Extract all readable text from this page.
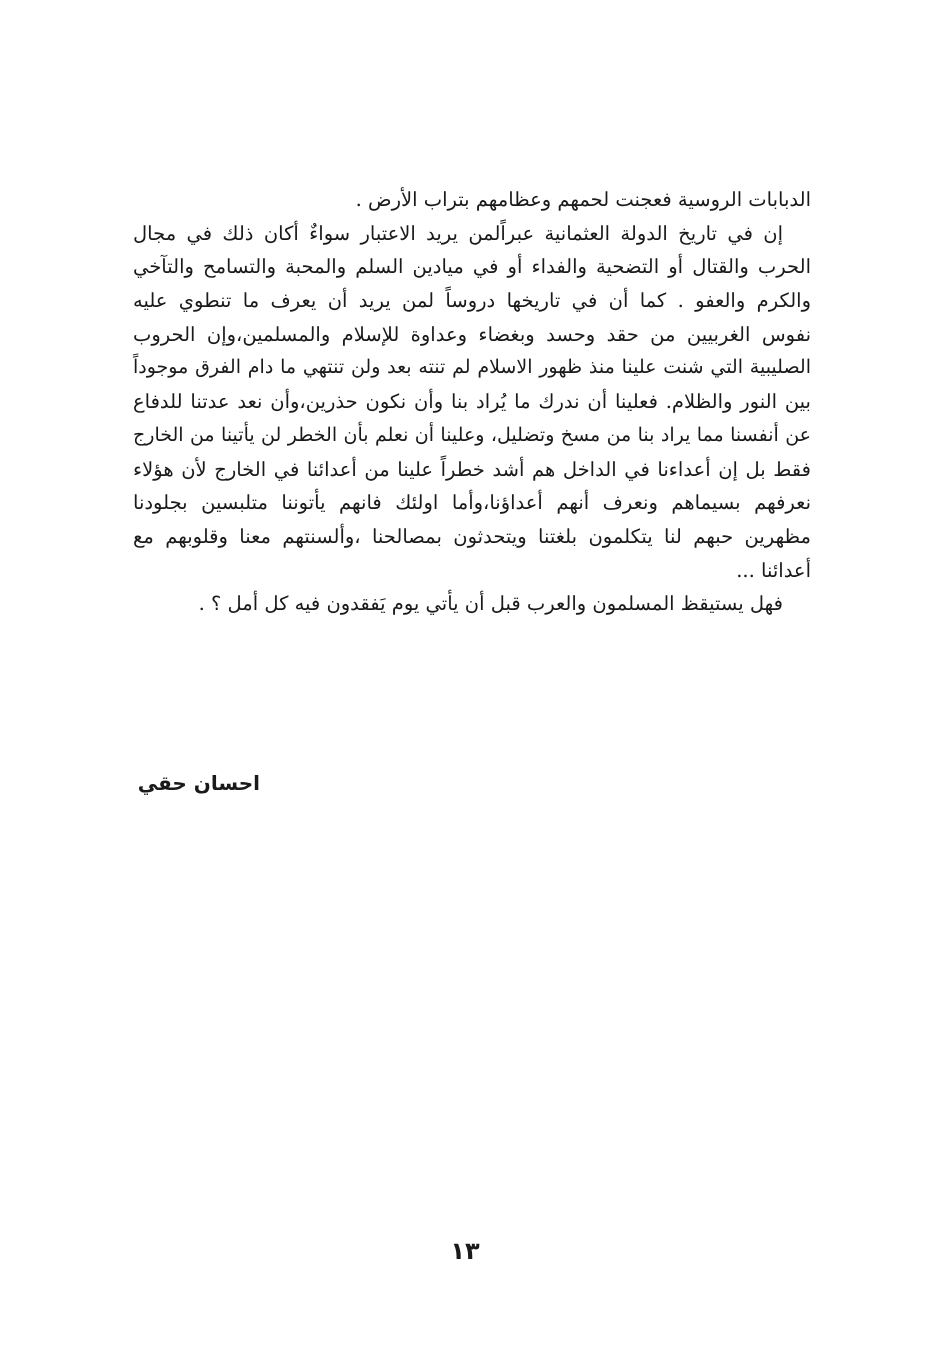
الدبابات الروسية فعجنت لحمهم وعظامهم بتراب الأرض .
إن في تاريخ الدولة العثمانية عبراًلمن يريد الاعتبار سواءٌ أكان ذلك في مجال
الحرب والقتال أو التضحية والفداء أو في ميادين السلم والمحبة والتسامح والتآخي
والكرم والعفو . كما أن في تاريخها دروساً لمن يريد أن يعرف ما تنطوي عليه
نفوس الغربيين من حقد وحسد وبغضاء وعداوة للإسلام والمسلمين،وإن الحروب
الصليبية التي شنت علينا منذ ظهور الاسلام لم تنته بعد ولن تنتهي ما دام الفرق موجوداً
بين النور والظلام. فعلينا أن ندرك ما يُراد بنا وأن نكون حذرين،وأن نعد عدتنا للدفاع
عن أنفسنا مما يراد بنا من مسخ وتضليل، وعلينا أن نعلم بأن الخطر لن يأتينا من الخارج
فقط بل إن أعداءنا في الداخل هم أشد خطراً علينا من أعدائنا في الخارج لأن هؤلاء
نعرفهم بسيماهم ونعرف أنهم أعداؤنا،وأما اولئك فانهم يأتوننا متلبسين بجلودنا
مظهرين حبهم لنا يتكلمون بلغتنا ويتحدثون بمصالحنا ،وألسنتهم معنا وقلوبهم مع
أعدائنا ...
فهل يستيقظ المسلمون والعرب قبل أن يأتي يوم يَفقدون فيه كل أمل ؟ .
احسان حقي
١٣
